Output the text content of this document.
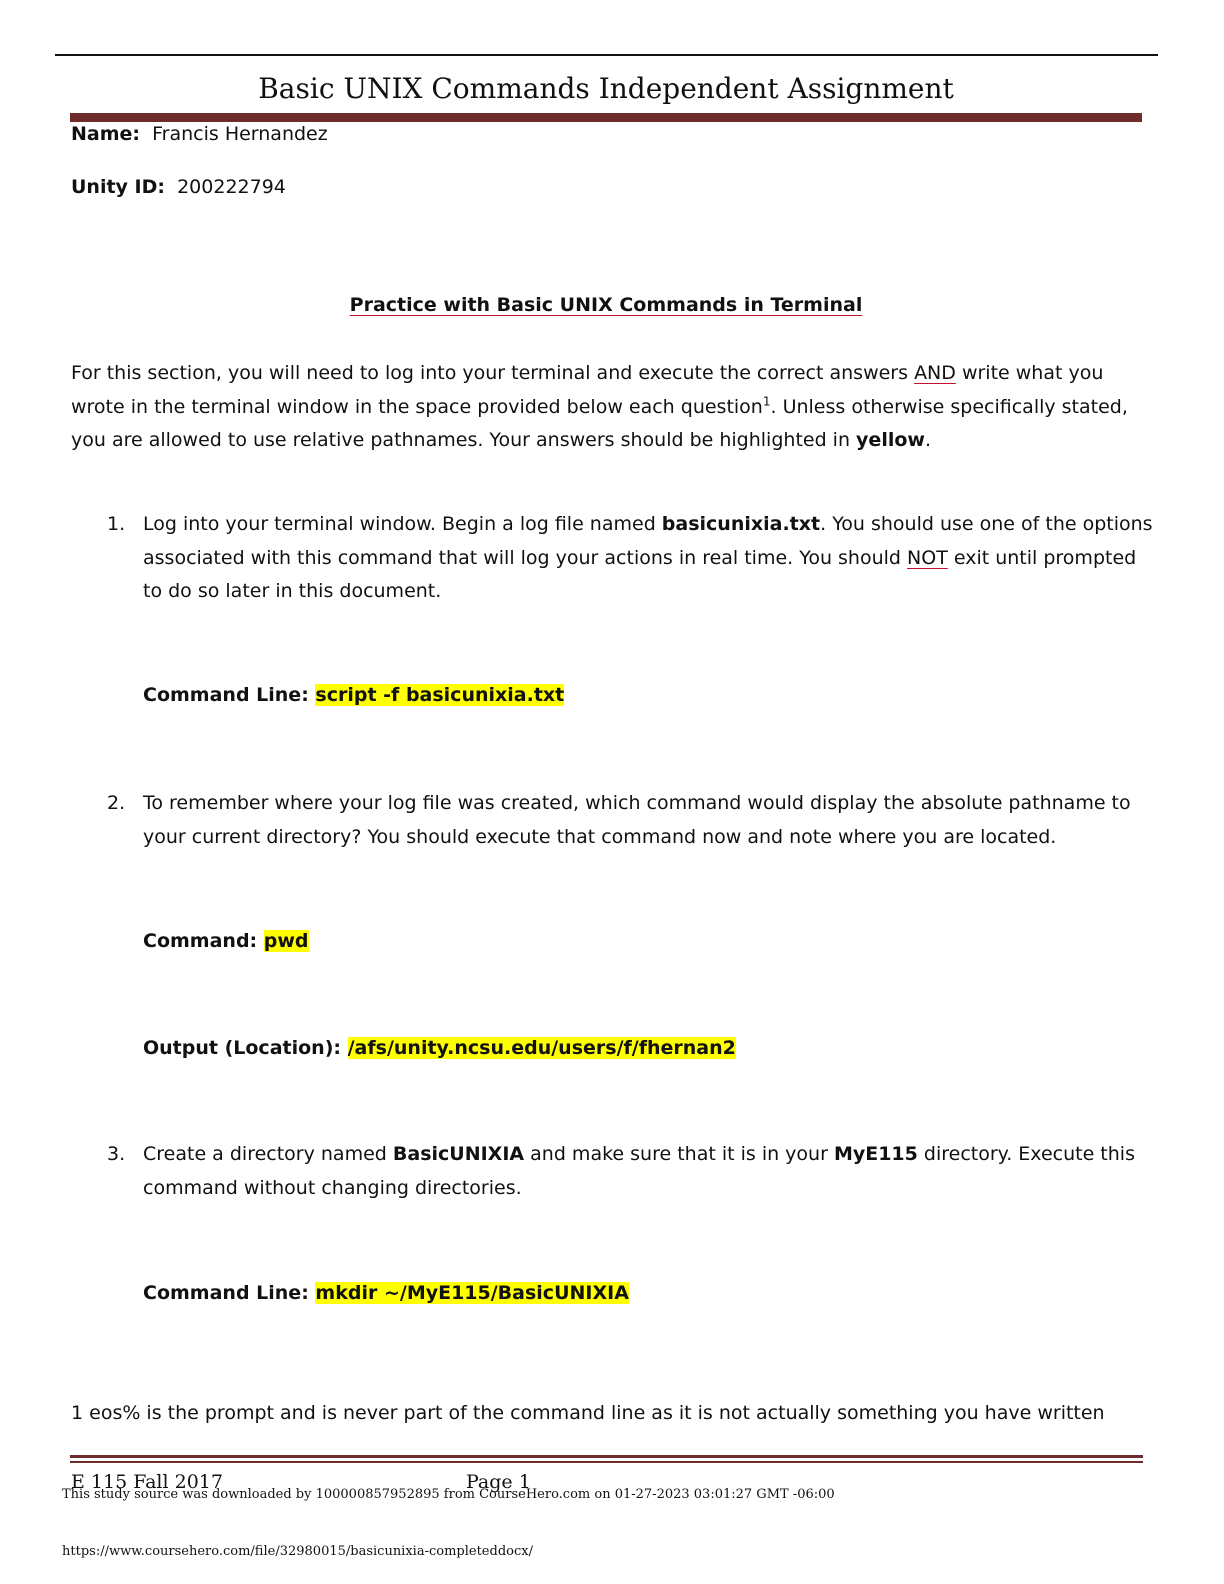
Basic UNIX Commands Independent Assignment
Name: Francis Hernandez
Unity ID: 200222794
Practice with Basic UNIX Commands in Terminal
For this section, you will need to log into your terminal and execute the correct answers AND write what you wrote in the terminal window in the space provided below each question$^1$. Unless otherwise specifically stated, you are allowed to use relative pathnames. Your answers should be highlighted in yellow.
1. Log into your terminal window. Begin a log file named basicunixia.txt. You should use one of the options associated with this command that will log your actions in real time. You should NOT exit until prompted to do so later in this document.
Command Line: script -f basicunixia.txt
2. To remember where your log file was created, which command would display the absolute pathname to your current directory? You should execute that command now and note where you are located.
Command: pwd
Output (Location): /afs/unity.ncsu.edu/users/f/fhernan2
3. Create a directory named BasicUNIXIA and make sure that it is in your MyE115 directory. Execute this command without changing directories.
Command Line: mkdir ~/MyE115/BasicUNIXIA
1 eos% is the prompt and is never part of the command line as it is not actually something you have written
E 115 Fall 2017	Page 1
This study source was downloaded by 100000857952895 from CourseHero.com on 01-27-2023 03:01:27 GMT -06:00
https://www.coursehero.com/file/32980015/basicunixia-completeddocx/
